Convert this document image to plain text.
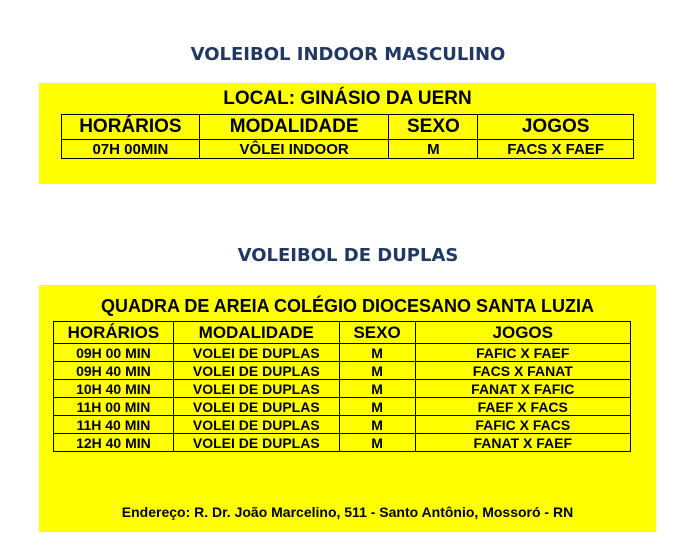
VOLEIBOL INDOOR MASCULINO
LOCAL: GINÁSIO DA UERN
HORÁRIOS	MODALIDADE	SEXO	JOGOS
07H 00MIN	VÔLEI INDOOR	M	FACS X FAEF
VOLEIBOL DE DUPLAS
QUADRA DE AREIA COLÉGIO DIOCESANO SANTA LUZIA
HORÁRIOS	MODALIDADE	SEXO	JOGOS
09H 00 MIN	VOLEI DE DUPLAS	M	FAFIC X FAEF
09H 40 MIN	VOLEI DE DUPLAS	M	FACS X FANAT
10H 40 MIN	VOLEI DE DUPLAS	M	FANAT X FAFIC
11H 00 MIN	VOLEI DE DUPLAS	M	FAEF X FACS
11H 40 MIN	VOLEI DE DUPLAS	M	FAFIC X FACS
12H 40 MIN	VOLEI DE DUPLAS	M	FANAT X FAEF
Endereço: R. Dr. João Marcelino, 511 - Santo Antônio, Mossoró - RN
